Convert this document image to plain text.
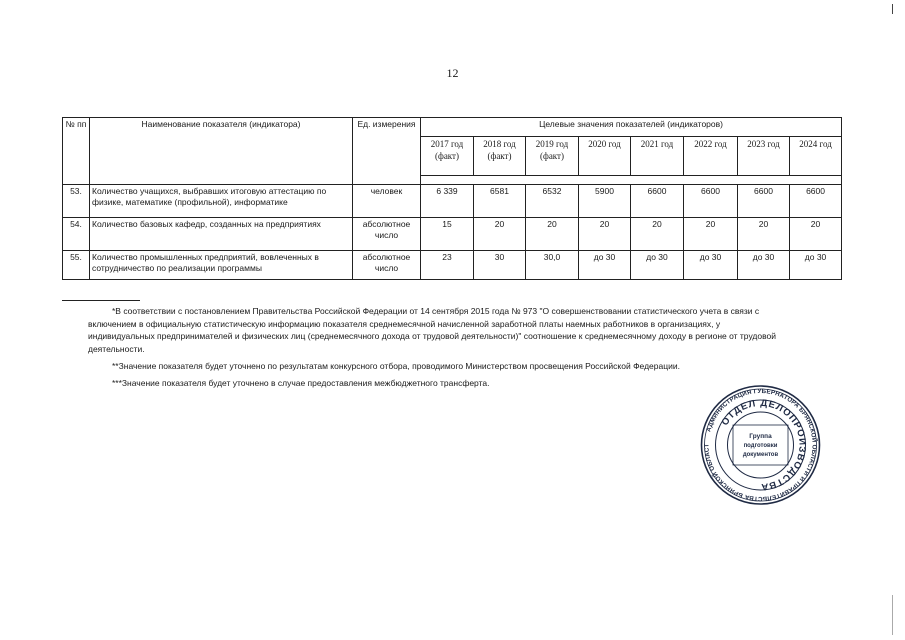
12
№ пп	Наименование показателя (индикатора)	Ед. измерения	Целевые значения показателей (индикаторов)							
			2017 год (факт)	2018 год (факт)	2019 год (факт)	2020 год	2021 год	2022 год	2023 год	2024 год

53.	Количество учащихся, выбравших итоговую аттестацию по физике, математике (профильной), информатике	человек	6 339	6581	6532	5900	6600	6600	6600	6600
54.	Количество базовых кафедр, созданных на предприятиях	абсолютное число	15	20	20	20	20	20	20	20
55.	Количество промышленных предприятий, вовлеченных в сотрудничество по реализации программы	абсолютное число	23	30	30,0	до 30	до 30	до 30	до 30	до 30

*В соответствии с постановлением Правительства Российской Федерации от 14 сентября 2015 года № 973 "О совершенствовании статистического учета в связи с включением в официальную статистическую информацию показателя среднемесячной начисленной заработной платы наемных работников в организациях, у индивидуальных предпринимателей и физических лиц (среднемесячного дохода от трудовой деятельности)" соотношение к среднемесячному доходу в регионе от трудовой деятельности.

**Значение показателя будет уточнено по результатам конкурсного отбора, проводимого Министерством просвещения Российской Федерации.

***Значение показателя будет уточнено в случае предоставления межбюджетного трансферта.

АДМИНИСТРАЦИЯ ГУБЕРНАТОРА БРЯНСКОЙ ОБЛАСТИ И ПРАВИТЕЛЬСТВА БРЯНСКОЙ ОБЛАСТ
ОТДЕЛ ДЕЛОПРОИЗВОДСТВА
Группа
подготовки
документов
